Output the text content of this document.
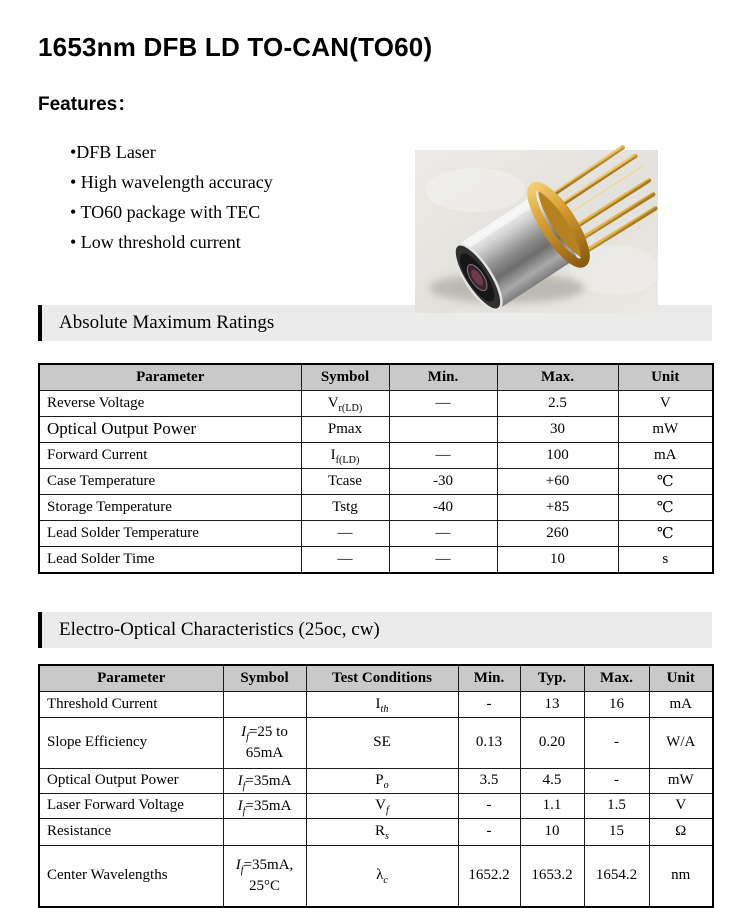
1653nm DFB LD TO-CAN(TO60)
Features：
•DFB Laser
• High wavelength accuracy
• TO60 package with TEC
• Low threshold current
Absolute Maximum Ratings
Parameter	Symbol	Min.	Max.	Unit
Reverse Voltage	$V_{r(LD)}$	—	2.5	V
Optical Output Power	Pmax		30	mW
Forward Current	$I_{f(LD)}$	—	100	mA
Case Temperature	Tcase	-30	+60	℃
Storage Temperature	Tstg	-40	+85	℃
Lead Solder Temperature	—	—	260	℃
Lead Solder Time	—	—	10	s
Electro-Optical Characteristics (25oc, cw)
Parameter	Symbol	Test Conditions	Min.	Typ.	Max.	Unit
Threshold Current		$I_{th}$	-	13	16	mA
Slope Efficiency	$I_f=25$ to
65mA	SE	0.13	0.20	-	W/A
Optical Output Power	$I_f=35mA$	$P_o$	3.5	4.5	-	mW
Laser Forward Voltage	$I_f=35mA$	$V_f$	-	1.1	1.5	V
Resistance		$R_s$	-	10	15	Ω
Center Wavelengths	$I_f=35mA$,
25°C	$\lambda_c$	1652.2	1653.2	1654.2	nm
